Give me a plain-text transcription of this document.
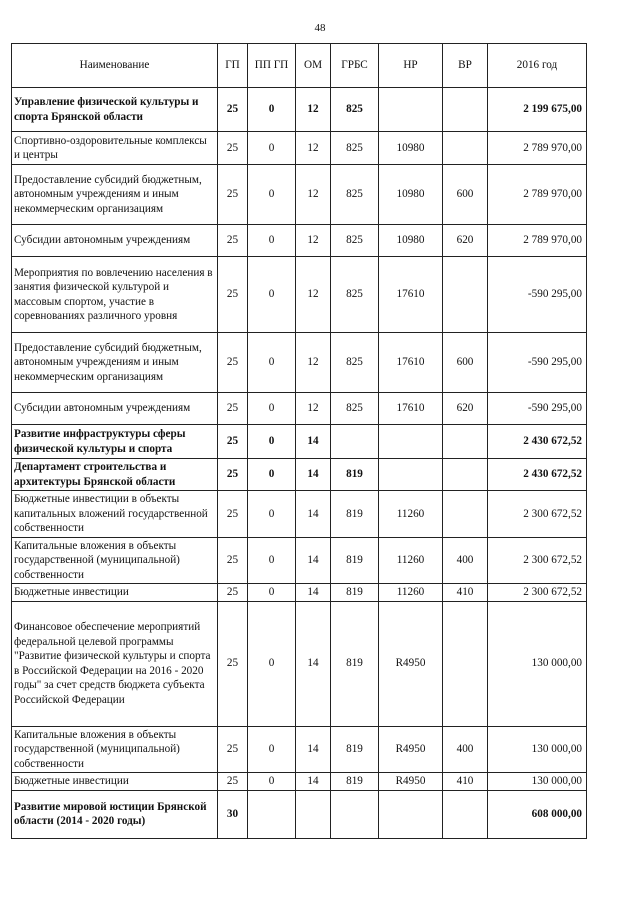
48
Наименование	ГП	ПП ГП	ОМ	ГРБС	НР	ВР	2016 год
Управление физической культуры и спорта Брянской области	25	0	12	825			2 199 675,00
Спортивно-оздоровительные комплексы и центры	25	0	12	825	10980		2 789 970,00
Предоставление субсидий бюджетным, автономным учреждениям и иным некоммерческим организациям	25	0	12	825	10980	600	2 789 970,00
Субсидии автономным учреждениям	25	0	12	825	10980	620	2 789 970,00
Мероприятия по вовлечению населения в занятия физической культурой и массовым спортом, участие в соревнованиях различного уровня	25	0	12	825	17610		-590 295,00
Предоставление субсидий бюджетным, автономным учреждениям и иным некоммерческим организациям	25	0	12	825	17610	600	-590 295,00
Субсидии автономным учреждениям	25	0	12	825	17610	620	-590 295,00
Развитие инфраструктуры сферы физической культуры и спорта	25	0	14				2 430 672,52
Департамент строительства и архитектуры Брянской области	25	0	14	819			2 430 672,52
Бюджетные инвестиции в объекты капитальных вложений государственной собственности	25	0	14	819	11260		2 300 672,52
Капитальные вложения в объекты государственной (муниципальной) собственности	25	0	14	819	11260	400	2 300 672,52
Бюджетные инвестиции	25	0	14	819	11260	410	2 300 672,52
Финансовое обеспечение мероприятий федеральной целевой программы "Развитие физической культуры и спорта в Российской Федерации на 2016 - 2020 годы" за счет средств бюджета субъекта Российской Федерации	25	0	14	819	R4950		130 000,00
Капитальные вложения в объекты государственной (муниципальной) собственности	25	0	14	819	R4950	400	130 000,00
Бюджетные инвестиции	25	0	14	819	R4950	410	130 000,00
Развитие мировой юстиции Брянской области (2014 - 2020 годы)	30						608 000,00
